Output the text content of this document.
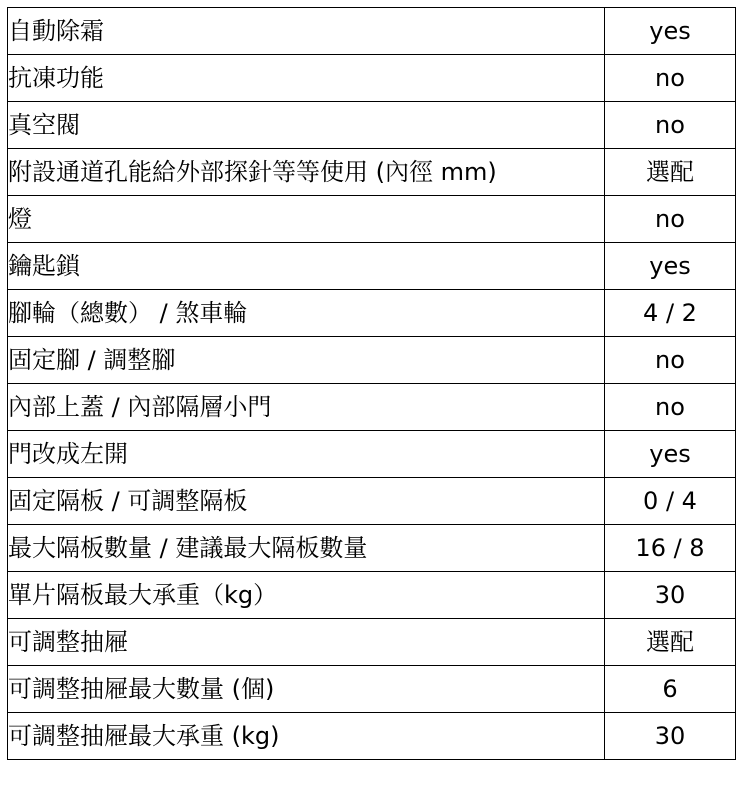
自動除霜	yes
抗凍功能	no
真空閥	no
附設通道孔能給外部探針等等使用 (內徑 mm)	選配
燈	no
鑰匙鎖	yes
腳輪（總數） / 煞車輪	4 / 2
固定腳 / 調整腳	no
內部上蓋 / 內部隔層小門	no
門改成左開	yes
固定隔板 / 可調整隔板	0 / 4
最大隔板數量 / 建議最大隔板數量	16 / 8
單片隔板最大承重（kg）	30
可調整抽屜	選配
可調整抽屜最大數量 (個)	6
可調整抽屜最大承重 (kg)	30
